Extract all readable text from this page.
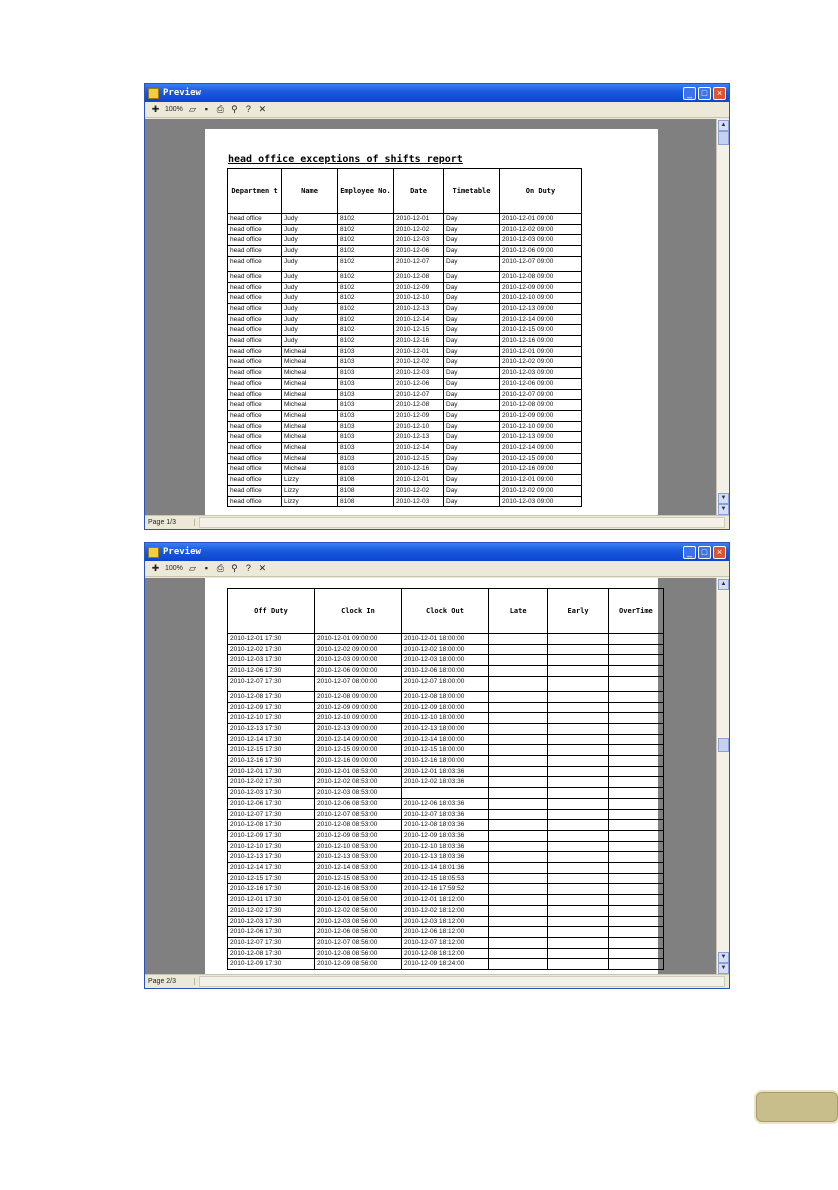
Preview	_	□	×
✚ 100% ▱ ▪ ⎙ ⚲ ? ✕
head office exceptions of shifts report
Departmen t	Name	Employee No.	Date	Timetable	On Duty
head office	Judy	8102	2010-12-01	Day	2010-12-01 09:00
head office	Judy	8102	2010-12-02	Day	2010-12-02 09:00
head office	Judy	8102	2010-12-03	Day	2010-12-03 09:00
head office	Judy	8102	2010-12-06	Day	2010-12-06 09:00
head office	Judy	8102	2010-12-07	Day	2010-12-07 09:00
head office	Judy	8102	2010-12-08	Day	2010-12-08 09:00
head office	Judy	8102	2010-12-09	Day	2010-12-09 09:00
head office	Judy	8102	2010-12-10	Day	2010-12-10 09:00
head office	Judy	8102	2010-12-13	Day	2010-12-13 09:00
head office	Judy	8102	2010-12-14	Day	2010-12-14 09:00
head office	Judy	8102	2010-12-15	Day	2010-12-15 09:00
head office	Judy	8102	2010-12-16	Day	2010-12-16 09:00
head office	Micheal	8103	2010-12-01	Day	2010-12-01 09:00
head office	Micheal	8103	2010-12-02	Day	2010-12-02 09:00
head office	Micheal	8103	2010-12-03	Day	2010-12-03 09:00
head office	Micheal	8103	2010-12-06	Day	2010-12-06 09:00
head office	Micheal	8103	2010-12-07	Day	2010-12-07 09:00
head office	Micheal	8103	2010-12-08	Day	2010-12-08 09:00
head office	Micheal	8103	2010-12-09	Day	2010-12-09 09:00
head office	Micheal	8103	2010-12-10	Day	2010-12-10 09:00
head office	Micheal	8103	2010-12-13	Day	2010-12-13 09:00
head office	Micheal	8103	2010-12-14	Day	2010-12-14 09:00
head office	Micheal	8103	2010-12-15	Day	2010-12-15 09:00
head office	Micheal	8103	2010-12-16	Day	2010-12-16 09:00
head office	Lizzy	8108	2010-12-01	Day	2010-12-01 09:00
head office	Lizzy	8108	2010-12-02	Day	2010-12-02 09:00
head office	Lizzy	8108	2010-12-03	Day	2010-12-03 09:00
▲
▼
▼
Page 1/3
Preview	_	□	×
✚ 100% ▱ ▪ ⎙ ⚲ ? ✕
Off Duty	Clock In	Clock Out	Late	Early	OverTime
2010-12-01 17:30	2010-12-01 09:00:00	2010-12-01 18:00:00			
2010-12-02 17:30	2010-12-02 09:00:00	2010-12-02 18:00:00			
2010-12-03 17:30	2010-12-03 09:00:00	2010-12-03 18:00:00			
2010-12-06 17:30	2010-12-06 09:00:00	2010-12-06 18:00:00			
2010-12-07 17:30	2010-12-07 08:00:00	2010-12-07 18:00:00			
2010-12-08 17:30	2010-12-08 09:00:00	2010-12-08 18:00:00			
2010-12-09 17:30	2010-12-09 09:00:00	2010-12-09 18:00:00			
2010-12-10 17:30	2010-12-10 09:00:00	2010-12-10 18:00:00			
2010-12-13 17:30	2010-12-13 09:00:00	2010-12-13 18:00:00			
2010-12-14 17:30	2010-12-14 09:00:00	2010-12-14 18:00:00			
2010-12-15 17:30	2010-12-15 09:00:00	2010-12-15 18:00:00			
2010-12-16 17:30	2010-12-16 09:00:00	2010-12-16 18:00:00			
2010-12-01 17:30	2010-12-01 08:53:00	2010-12-01 18:03:36			
2010-12-02 17:30	2010-12-02 08:53:00	2010-12-02 18:03:36			
2010-12-03 17:30	2010-12-03 08:53:00				
2010-12-06 17:30	2010-12-06 08:53:00	2010-12-06 18:03:36			
2010-12-07 17:30	2010-12-07 08:53:00	2010-12-07 18:03:36			
2010-12-08 17:30	2010-12-08 08:53:00	2010-12-08 18:03:36			
2010-12-09 17:30	2010-12-09 08:53:00	2010-12-09 18:03:36			
2010-12-10 17:30	2010-12-10 08:53:00	2010-12-10 18:03:36			
2010-12-13 17:30	2010-12-13 08:53:00	2010-12-13 18:03:36			
2010-12-14 17:30	2010-12-14 08:53:00	2010-12-14 18:01:36			
2010-12-15 17:30	2010-12-15 08:53:00	2010-12-15 18:05:53			
2010-12-16 17:30	2010-12-16 08:53:00	2010-12-16 17:59:52			
2010-12-01 17:30	2010-12-01 08:56:00	2010-12-01 18:12:00			
2010-12-02 17:30	2010-12-02 08:56:00	2010-12-02 18:12:00			
2010-12-03 17:30	2010-12-03 08:56:00	2010-12-03 18:12:00			
2010-12-06 17:30	2010-12-06 08:56:00	2010-12-06 18:12:00			
2010-12-07 17:30	2010-12-07 08:56:00	2010-12-07 18:12:00			
2010-12-08 17:30	2010-12-08 08:56:00	2010-12-08 18:12:00			
2010-12-09 17:30	2010-12-09 08:56:00	2010-12-09 18:24:00			
▲
▼
▼
Page 2/3
